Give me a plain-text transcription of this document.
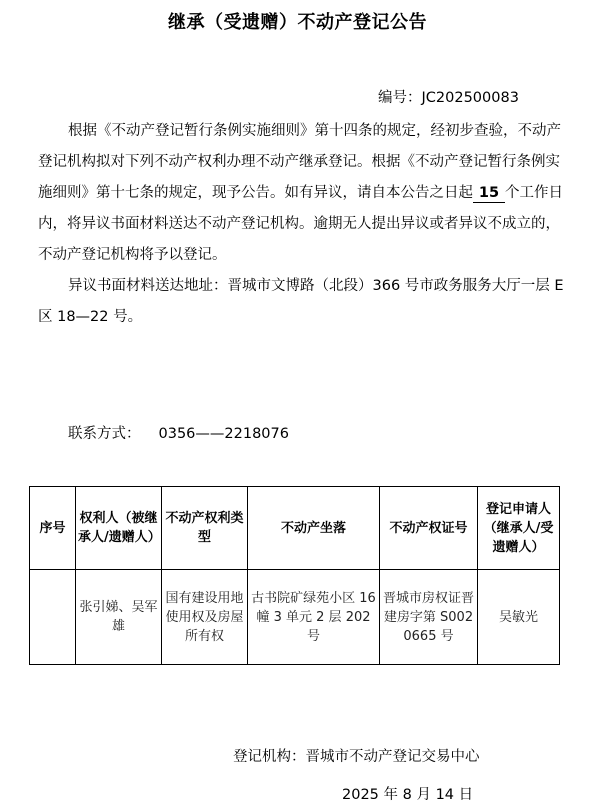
继承（受遗赠）不动产登记公告
编号：JC202500083

根据《不动产登记暂行条例实施细则》第十四条的规定，经初步查验，不动产登记机构拟对下列不动产权利办理不动产继承登记。根据《不动产登记暂行条例实施细则》第十七条的规定，现予公告。如有异议，请自本公告之日起 15 个工作日内，将异议书面材料送达不动产登记机构。逾期无人提出异议或者异议不成立的，不动产登记机构将予以登记。

异议书面材料送达地址：晋城市文博路（北段）366 号市政务服务大厅一层 E 区 18—22 号。

联系方式： 0356——2218076
序号	权利人（被继承人/遗赠人）	不动产权利类型	不动产坐落	不动产权证号	登记申请人（继承人/受遗赠人）
	张引娣、吴军雄	国有建设用地使用权及房屋所有权	古书院矿绿苑小区 16幢 3 单元 2 层 202 号	晋城市房权证晋建房字第 S0020665 号	吴敏光
登记机构：晋城市不动产登记交易中心
2025 年 8 月 14 日
